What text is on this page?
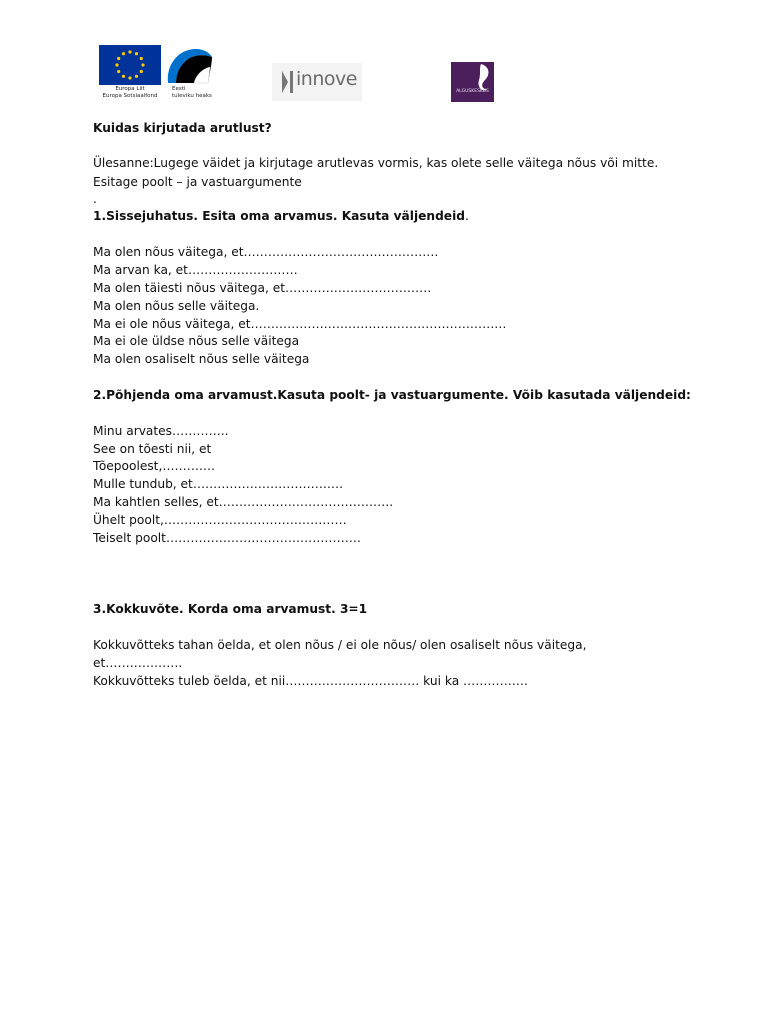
Europa Liit
Europa Sotsiaalfond
Eesti
tuleviku heaks
innove
ALGUSKESKUS
Kuidas kirjutada arutlust?
Ülesanne:Lugege väidet ja kirjutage arutlevas vormis, kas olete selle väitega nõus või mitte.
Esitage poolt – ja vastuargumente
.
1.Sissejuhatus. Esita oma arvamus. Kasuta väljendeid.
Ma olen nõus väitega, et…………………………………………
Ma arvan ka, et………………………
Ma olen täiesti nõus väitega, et………………………………
Ma olen nõus selle väitega.
Ma ei ole nõus väitega, et………………………………………………………
Ma ei ole üldse nõus selle väitega
Ma olen osaliselt nõus selle väitega
2.Põhjenda oma arvamust.Kasuta poolt- ja vastuargumente. Võib kasutada väljendeid:
Minu arvates…………..
See on tõesti nii, et
Tõepoolest,………….
Mulle tundub, et……………………………….
Ma kahtlen selles, et…………………………………….
Ühelt poolt,………………………………………
Teiselt poolt…………………………………………
3.Kokkuvõte. Korda oma arvamust. 3=1
Kokkuvõtteks tahan öelda, et olen nõus / ei ole nõus/ olen osaliselt nõus väitega,
et……………….
Kokkuvõtteks tuleb öelda, et nii…………………………… kui ka …………….
